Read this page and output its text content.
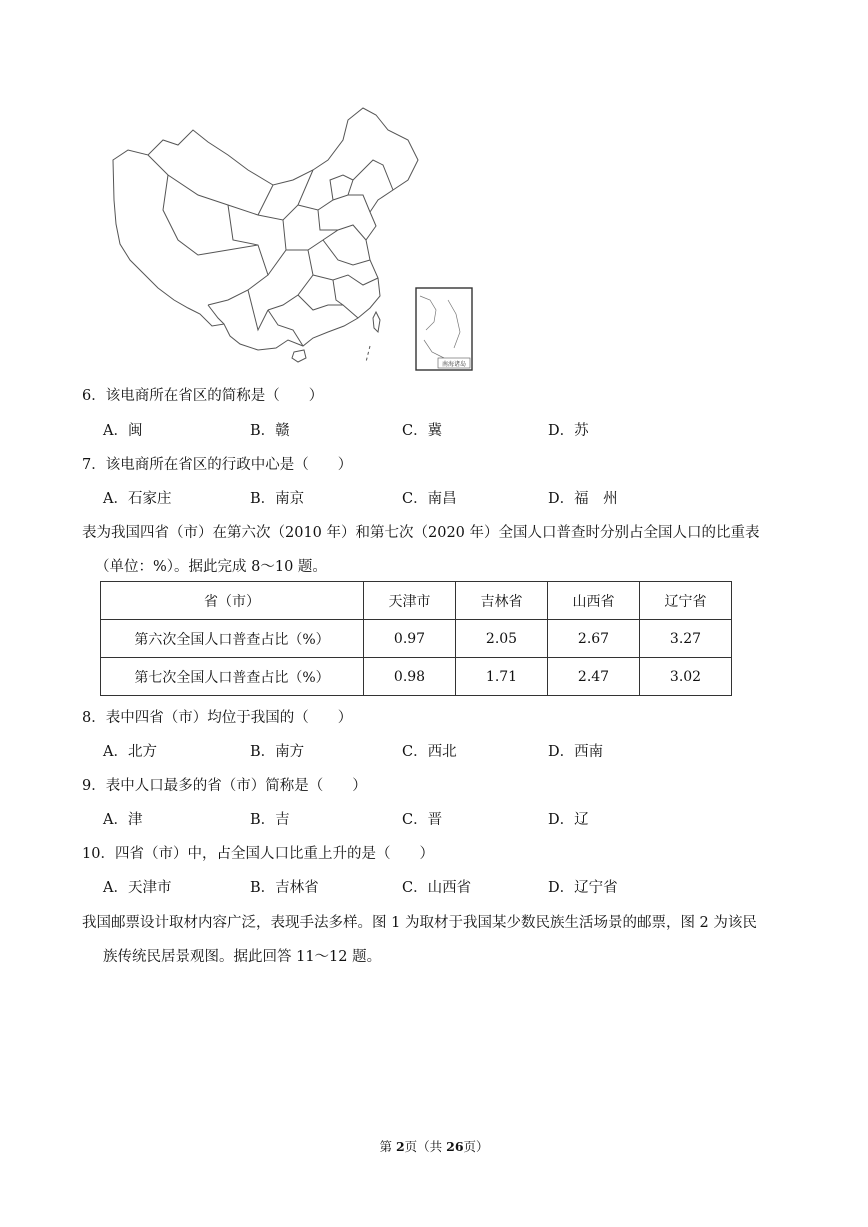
南海诸岛
6．该电商所在省区的简称是（　　）
A．闽	B．赣	C．冀	D．苏
7．该电商所在省区的行政中心是（　　）
A．石家庄	B．南京	C．南昌	D．福　州
表为我国四省（市）在第六次（2010 年）和第七次（2020 年）全国人口普查时分别占全国人口的比重表
（单位：%）。据此完成 8～10 题。
省（市）	天津市	吉林省	山西省	辽宁省
第六次全国人口普查占比（%）	0.97	2.05	2.67	3.27
第七次全国人口普查占比（%）	0.98	1.71	2.47	3.02
8．表中四省（市）均位于我国的（　　）
A．北方	B．南方	C．西北	D．西南
9．表中人口最多的省（市）简称是（　　）
A．津	B．吉	C．晋	D．辽
10．四省（市）中，占全国人口比重上升的是（　　）
A．天津市	B．吉林省	C．山西省	D．辽宁省
我国邮票设计取材内容广泛，表现手法多样。图 1 为取材于我国某少数民族生活场景的邮票，图 2 为该民
族传统民居景观图。据此回答 11～12 题。
第 2页（共 26页）
